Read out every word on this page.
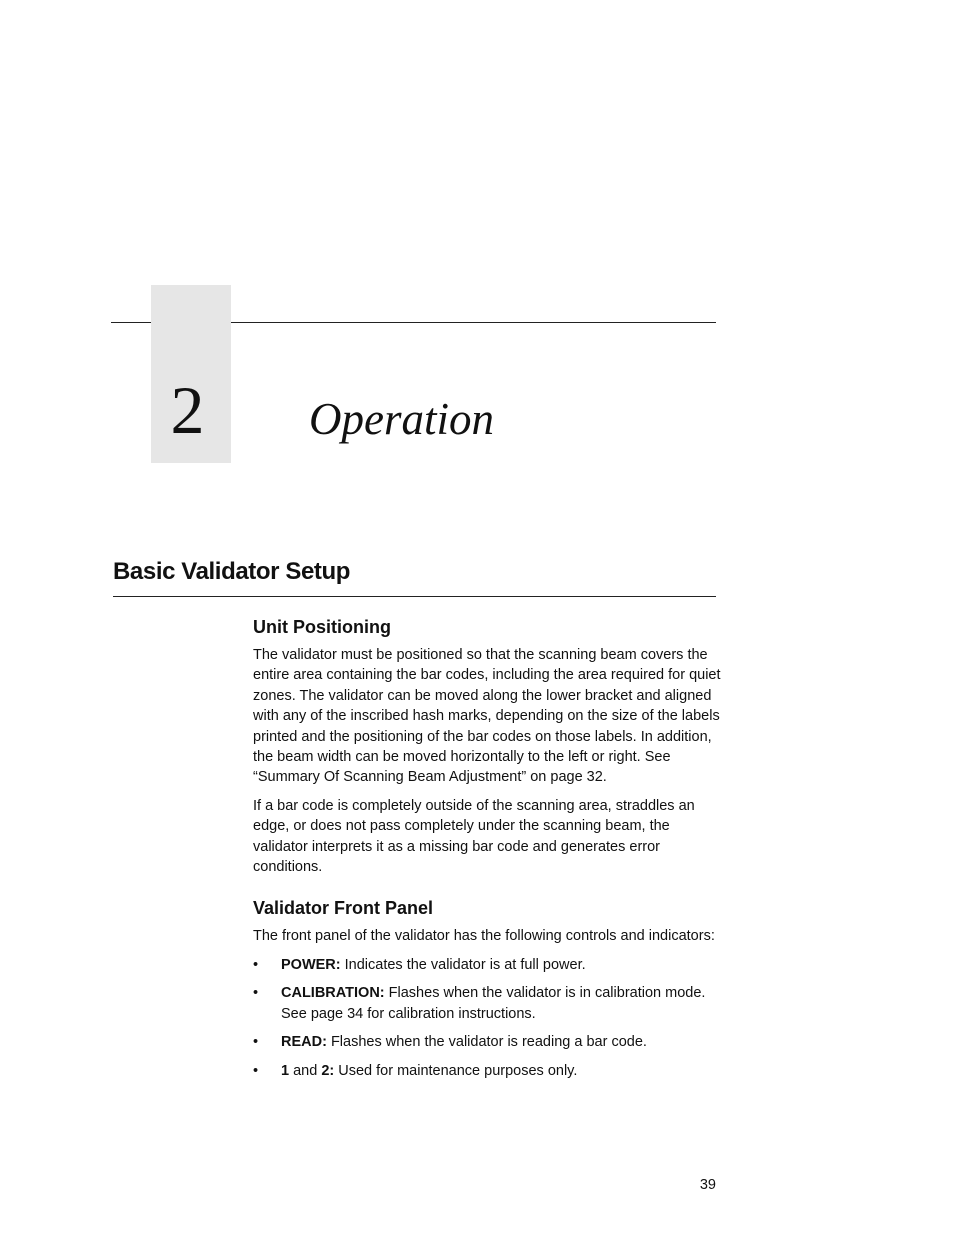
2	Operation
Basic Validator Setup
Unit Positioning

The validator must be positioned so that the scanning beam covers the entire area containing the bar codes, including the area required for quiet zones. The validator can be moved along the lower bracket and aligned with any of the inscribed hash marks, depending on the size of the labels printed and the positioning of the bar codes on those labels. In addition, the beam width can be moved horizontally to the left or right. See “Summary Of Scanning Beam Adjustment” on page 32.

If a bar code is completely outside of the scanning area, straddles an edge, or does not pass completely under the scanning beam, the validator interprets it as a missing bar code and generates error conditions.

Validator Front Panel

The front panel of the validator has the following controls and indicators:

• POWER: Indicates the validator is at full power.
• CALIBRATION: Flashes when the validator is in calibration mode. See page 34 for calibration instructions.
• READ: Flashes when the validator is reading a bar code.
• 1 and 2: Used for maintenance purposes only.
39
